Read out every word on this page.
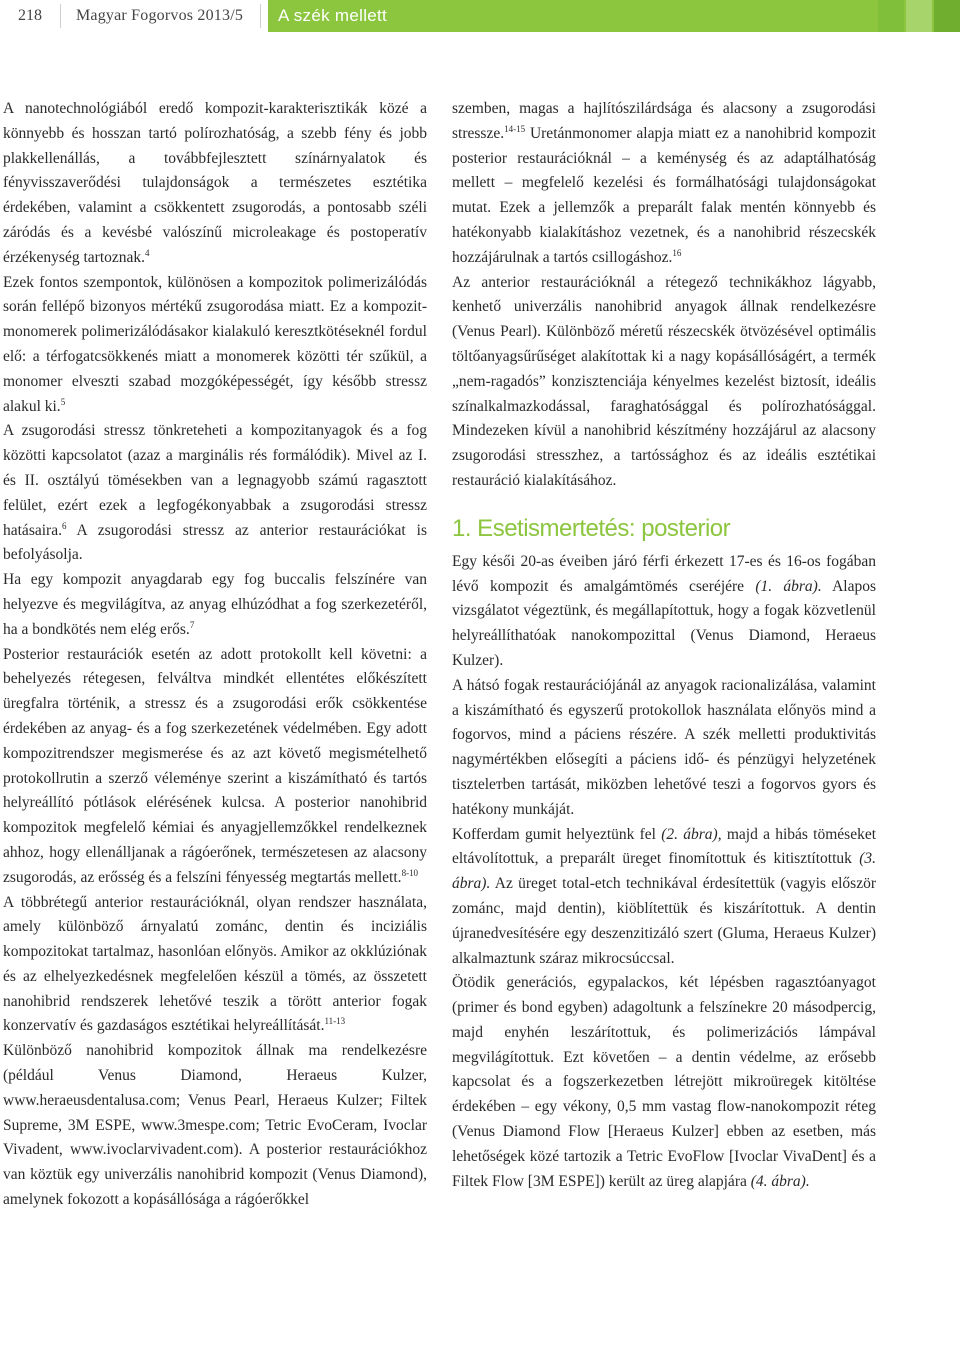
218	Magyar Fogorvos 2013/5 A szék mellett

A nanotechnológiából eredő kompozit-karakterisztikák közé a könnyebb és hosszan tartó polírozhatóság, a szebb fény és jobb plakkellenállás, a továbbfejlesztett színárnyalatok és fényvisszaverődési tulajdonságok a természetes esztétika érdekében, valamint a csökkentett zsugorodás, a pontosabb széli záródás és a kevésbé valószínű microleakage és postoperatív érzékenység tartoznak.$^4$

Ezek fontos szempontok, különösen a kompozitok polimerizálódás során fellépő bizonyos mértékű zsugorodása miatt. Ez a kompozit-monomerek polimerizálódásakor kialakuló keresztkötéseknél fordul elő: a térfogatcsökkenés miatt a monomerek közötti tér szűkül, a monomer elveszti szabad mozgóképességét, így később stressz alakul ki.$^5$

A zsugorodási stressz tönkreteheti a kompozitanyagok és a fog közötti kapcsolatot (azaz a marginális rés formálódik). Mivel az I. és II. osztályú tömésekben van a legnagyobb számú ragasztott felület, ezért ezek a legfogékonyabbak a zsugorodási stressz hatásaira.$^6$ A zsugorodási stressz az anterior restaurációkat is befolyásolja.

Ha egy kompozit anyagdarab egy fog buccalis felszínére van helyezve és megvilágítva, az anyag elhúzódhat a fog szerkezetéről, ha a bondkötés nem elég erős.$^7$

Posterior restaurációk esetén az adott protokollt kell követni: a behelyezés rétegesen, felváltva mindkét ellentétes előkészített üregfalra történik, a stressz és a zsugorodási erők csökkentése érdekében az anyag- és a fog szerkezetének védelmében. Egy adott kompozitrendszer megismerése és az azt követő megismételhető protokollrutin a szerző véleménye szerint a kiszámítható és tartós helyreállító pótlások elérésének kulcsa. A posterior nanohibrid kompozitok megfelelő kémiai és anyagjellemzőkkel rendelkeznek ahhoz, hogy ellenálljanak a rágóerőnek, természetesen az alacsony zsugorodás, az erősség és a felszíni fényesség megtartás mellett.$^{8-10}$

A többrétegű anterior restaurációknál, olyan rendszer használata, amely különböző árnyalatú zománc, dentin és inciziális kompozitokat tartalmaz, hasonlóan előnyös. Amikor az okklúziónak és az elhelyezkedésnek megfelelően készül a tömés, az összetett nanohibrid rendszerek lehetővé teszik a törött anterior fogak konzervatív és gazdaságos esztétikai helyreállítását.$^{11-13}$

Különböző nanohibrid kompozitok állnak ma rendelkezésre (például Venus Diamond, Heraeus Kulzer, www.heraeusdentalusa.com; Venus Pearl, Heraeus Kulzer; Filtek Supreme, 3M ESPE, www.3mespe.com; Tetric EvoCeram, Ivoclar Vivadent, www.ivoclarvivadent.com). A posterior restaurációkhoz van köztük egy univerzális nanohibrid kompozit (Venus Diamond), amelynek fokozott a kopásállósága a rágóerőkkel

szemben, magas a hajlítószilárdsága és alacsony a zsugorodási stressze.$^{14-15}$ Uretánmonomer alapja miatt ez a nanohibrid kompozit posterior restaurációknál – a keménység és az adaptálhatóság mellett – megfelelő kezelési és formálhatósági tulajdonságokat mutat. Ezek a jellemzők a preparált falak mentén könnyebb és hatékonyabb kialakításhoz vezetnek, és a nanohibrid részecskék hozzájárulnak a tartós csillogáshoz.$^{16}$

Az anterior restaurációknál a rétegező technikákhoz lágyabb, kenhető univerzális nanohibrid anyagok állnak rendelkezésre (Venus Pearl). Különböző méretű részecskék ötvözésével optimális töltőanyagsűrűséget alakítottak ki a nagy kopásállóságért, a termék „nem-ragadós” konzisztenciája kényelmes kezelést biztosít, ideális színalkalmazkodással, faraghatósággal és polírozhatósággal. Mindezeken kívül a nanohibrid készítmény hozzájárul az alacsony zsugorodási stresszhez, a tartóssághoz és az ideális esztétikai restauráció kialakításához.

1. Esetismertetés: posterior

Egy késői 20-as éveiben járó férfi érkezett 17-es és 16-os fogában lévő kompozit és amalgámtömés cseréjére (1. ábra). Alapos vizsgálatot végeztünk, és megállapítottuk, hogy a fogak közvetlenül helyreállíthatóak nanokompozittal (Venus Diamond, Heraeus Kulzer).

A hátsó fogak restaurációjánál az anyagok racionalizálása, valamint a kiszámítható és egyszerű protokollok használata előnyös mind a fogorvos, mind a páciens részére. A szék melletti produktivitás nagymértékben elősegíti a páciens idő- és pénzügyi helyzetének tisztelетben tartását, miközben lehetővé teszi a fogorvos gyors és hatékony munkáját.

Kofferdam gumit helyeztünk fel (2. ábra), majd a hibás töméseket eltávolítottuk, a preparált üreget finomítottuk és kitisztítottuk (3. ábra). Az üreget total-etch technikával érdesítettük (vagyis először zománc, majd dentin), kiöblítettük és kiszárítottuk. A dentin újranedvesítésére egy deszenzitizáló szert (Gluma, Heraeus Kulzer) alkalmaztunk száraz mikrocsúccsal.

Ötödik generációs, egypalackos, két lépésben ragasztóanyagot (primer és bond egyben) adagoltunk a felszínekre 20 másodpercig, majd enyhén leszárítottuk, és polimerizációs lámpával megvilágítottuk. Ezt követően – a dentin védelme, az erősebb kapcsolat és a fogszerkezetben létrejött mikroüregek kitöltése érdekében – egy vékony, 0,5 mm vastag flow-nanokompozit réteg (Venus Diamond Flow [Heraeus Kulzer] ebben az esetben, más lehetőségek közé tartozik a Tetric EvoFlow [Ivoclar VivaDent] és a Filtek Flow [3M ESPE]) került az üreg alapjára (4. ábra).
